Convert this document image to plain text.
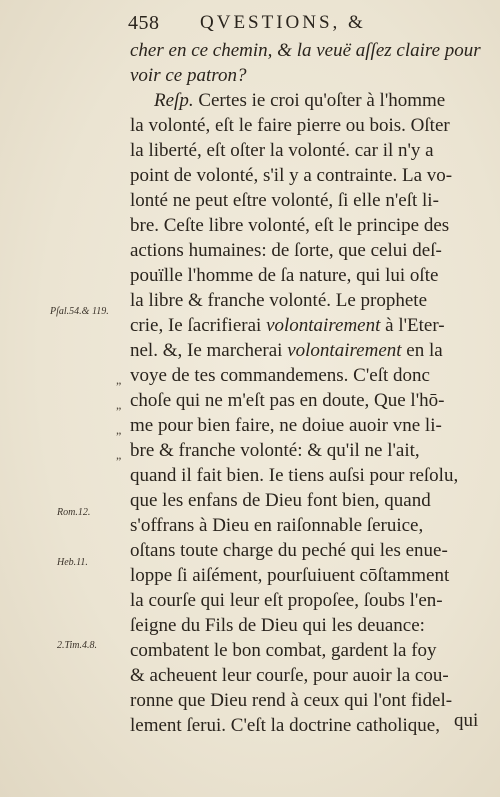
458 QVESTIONS, &
cher en ce chemin, & la veuë aſſez claire pour
voir ce patron?
Reſp. Certes ie croi qu'oſter à l'homme
la volonté, eſt le faire pierre ou bois. Oſter
la liberté, eſt oſter la volonté. car il n'y a
point de volonté, s'il y a contrainte. La vo-
lonté ne peut eſtre volonté, ſi elle n'eſt li-
bre. Ceſte libre volonté, eſt le principe des
actions humaines: de ſorte, que celui deſ-
pouïlle l'homme de ſa nature, qui lui oſte
la libre & franche volonté. Le prophete
crie, Ie ſacrifierai volontairement à l'Eter-
nel. &, Ie marcherai volontairement en la
voye de tes commandemens. C'eſt donc
choſe qui ne m'eſt pas en doute, Que l'hō-
me pour bien faire, ne doiue auoir vne li-
bre & franche volonté: & qu'il ne l'ait,
quand il fait bien. Ie tiens auſsi pour reſolu,
que les enfans de Dieu font bien, quand
s'offrans à Dieu en raiſonnable ſeruice,
oſtans toute charge du peché qui les enue-
loppe ſi aiſément, pourſuiuent cōſtamment
la courſe qui leur eſt propoſee, ſoubs l'en-
ſeigne du Fils de Dieu qui les deuance:
combatent le bon combat, gardent la foy
& acheuent leur courſe, pour auoir la cou-
ronne que Dieu rend à ceux qui l'ont fidel-
lement ſerui. C'eſt la doctrine catholique,
Pſal.54.& 119.
Rom.12.
Heb.11.
2.Tim.4.8.
”
”
”
”
qui
